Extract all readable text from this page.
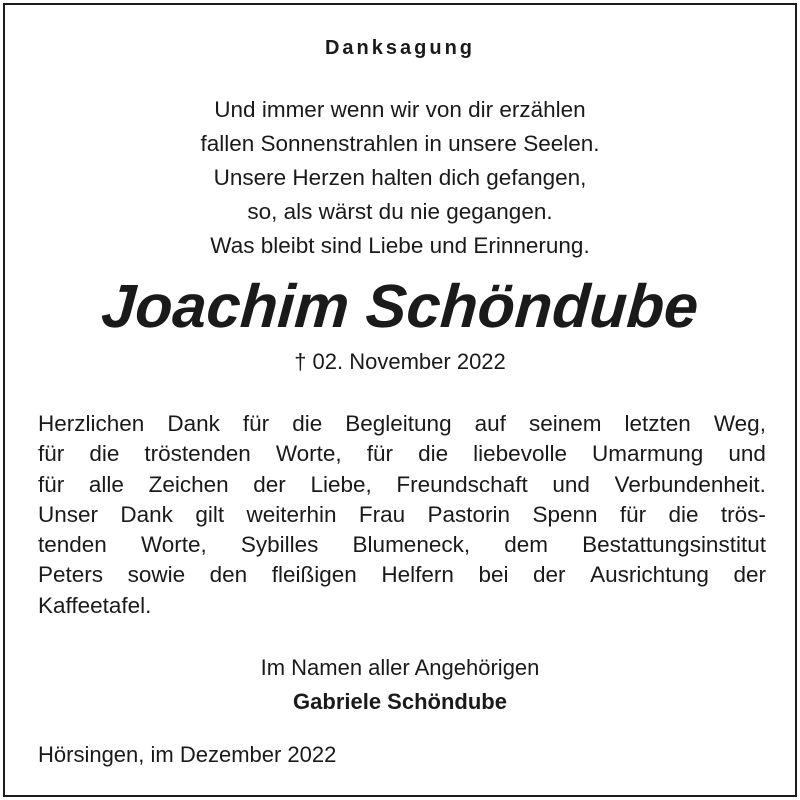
Danksagung
Und immer wenn wir von dir erzählen
fallen Sonnenstrahlen in unsere Seelen.
Unsere Herzen halten dich gefangen,
so, als wärst du nie gegangen.
Was bleibt sind Liebe und Erinnerung.
Joachim Schöndube
† 02. November 2022
Herzlichen Dank für die Begleitung auf seinem letzten Weg,
für die tröstenden Worte, für die liebevolle Umarmung und
für alle Zeichen der Liebe, Freundschaft und Verbundenheit.
Unser Dank gilt weiterhin Frau Pastorin Spenn für die trös-
tenden Worte, Sybilles Blumeneck, dem Bestattungsinstitut
Peters sowie den fleißigen Helfern bei der Ausrichtung der
Kaffeetafel.
Im Namen aller Angehörigen
Gabriele Schöndube
Hörsingen, im Dezember 2022
